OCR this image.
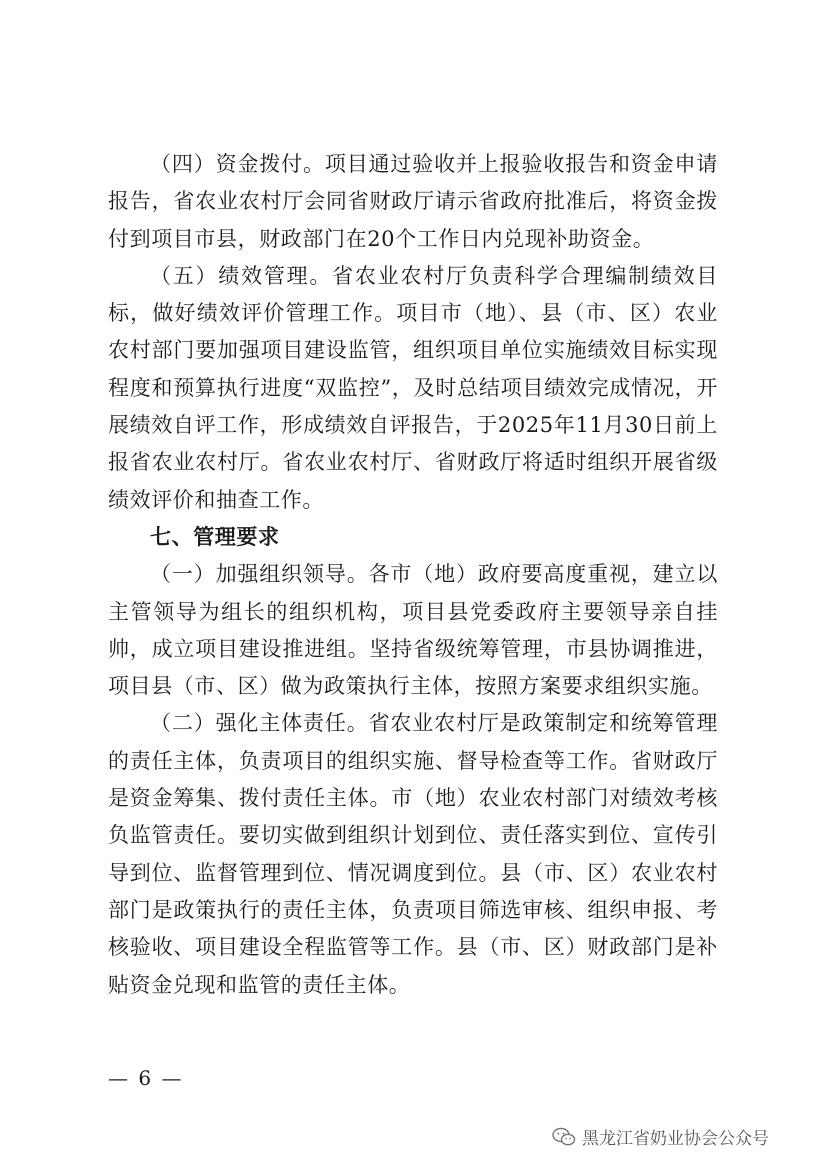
（四）资金拨付。项目通过验收并上报验收报告和资金申请报告，省农业农村厅会同省财政厅请示省政府批准后，将资金拨付到项目市县，财政部门在20个工作日内兑现补助资金。

（五）绩效管理。省农业农村厅负责科学合理编制绩效目标，做好绩效评价管理工作。项目市（地）、县（市、区）农业农村部门要加强项目建设监管，组织项目单位实施绩效目标实现程度和预算执行进度“双监控”，及时总结项目绩效完成情况，开展绩效自评工作，形成绩效自评报告，于2025年11月30日前上报省农业农村厅。省农业农村厅、省财政厅将适时组织开展省级绩效评价和抽查工作。

七、管理要求

（一）加强组织领导。各市（地）政府要高度重视，建立以主管领导为组长的组织机构，项目县党委政府主要领导亲自挂帅，成立项目建设推进组。坚持省级统筹管理，市县协调推进，项目县（市、区）做为政策执行主体，按照方案要求组织实施。

（二）强化主体责任。省农业农村厅是政策制定和统筹管理的责任主体，负责项目的组织实施、督导检查等工作。省财政厅是资金筹集、拨付责任主体。市（地）农业农村部门对绩效考核负监管责任。要切实做到组织计划到位、责任落实到位、宣传引导到位、监督管理到位、情况调度到位。县（市、区）农业农村部门是政策执行的责任主体，负责项目筛选审核、组织申报、考核验收、项目建设全程监管等工作。县（市、区）财政部门是补贴资金兑现和监管的责任主体。

— 6 —
黑龙江省奶业协会公众号
